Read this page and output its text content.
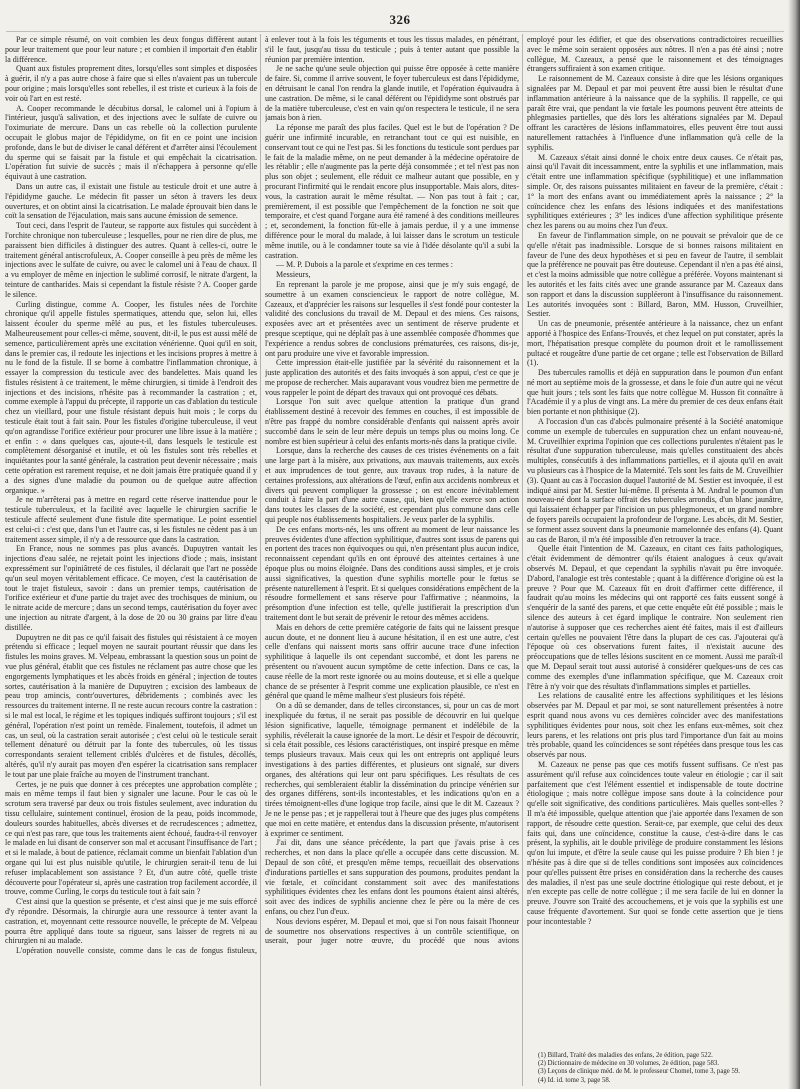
326

Par ce simple résumé, on voit combien les deux fongus diffèrent autant pour leur traitement que pour leur nature ; et combien il importait d'en établir la différence.

Quant aux fistules proprement dites, lorsqu'elles sont simples et disposées à guérir, il n'y a pas autre chose à faire que si elles n'avaient pas un tubercule pour origine ; mais lorsqu'elles sont rebelles, il est triste et curieux à la fois de voir où l'art en est resté.

A. Cooper recommande le décubitus dorsal, le calomel uni à l'opium à l'intérieur, jusqu'à salivation, et des injections avec le sulfate de cuivre ou l'oximuriate de mercure. Dans un cas rebelle où la collection purulente occupait le globus major de l'épididyme, on fit en ce point une incision profonde, dans le but de diviser le canal déférent et d'arrêter ainsi l'écoulement du sperme qui se faisait par la fistule et qui empêchait la cicatrisation. L'opération fut suivie de succès ; mais il n'échappera à personne qu'elle équivaut à une castration.

Dans un autre cas, il existait une fistule au testicule droit et une autre à l'épididyme gauche. Le médecin fit passer un séton à travers les deux ouvertures, et on obtint ainsi la cicatrisation. Le malade éprouvait bien dans le coït la sensation de l'éjaculation, mais sans aucune émission de semence.

Tout ceci, dans l'esprit de l'auteur, se rapporte aux fistules qui succèdent à l'orchite chronique non tuberculeuse ; lesquelles, pour ne rien dire de plus, me paraissent bien difficiles à distinguer des autres. Quant à celles-ci, outre le traitement général antiscrofuleux, A. Cooper conseille à peu près de même les injections avec le sulfate de cuivre, ou avec le calomel uni à l'eau de chaux. Il a vu employer de même en injection le sublimé corrosif, le nitrate d'argent, la teinture de cantharides. Mais si cependant la fistule résiste ? A. Cooper garde le silence.

Curling distingue, comme A. Cooper, les fistules nées de l'orchite chronique qu'il appelle fistules spermatiques, attendu que, selon lui, elles laissent écouler du sperme mêlé au pus, et les fistules tuberculeuses. Malheureusement pour celles-ci même, souvent, dit-il, le pus est aussi mêlé de semence, particulièrement après une excitation vénérienne. Quoi qu'il en soit, dans le premier cas, il redoute les injections et les incisions propres à mettre à nu le fond de la fistule. Il se borne à combattre l'inflammation chronique, à essayer la compression du testicule avec des bandelettes. Mais quand les fistules résistent à ce traitement, le même chirurgien, si timide à l'endroit des injections et des incisions, n'hésite pas à recommander la castration ; et, comme exemple à l'appui du précepte, il rapporte un cas d'ablation du testicule chez un vieillard, pour une fistule résistant depuis huit mois ; le corps du testicule était tout à fait sain. Pour les fistules d'origine tuberculeuse, il veut qu'on agrandisse l'orifice extérieur pour procurer une libre issue à la matière ; et enfin : « dans quelques cas, ajoute-t-il, dans lesquels le testicule est complètement désorganisé et inutile, et où les fistules sont très rebelles et inquiétantes pour la santé générale, la castration peut devenir nécessaire ; mais cette opération est rarement requise, et ne doit jamais être pratiquée quand il y a des signes d'une maladie du poumon ou de quelque autre affection organique. »

Je ne m'arrêterai pas à mettre en regard cette réserve inattendue pour le testicule tuberculeux, et la facilité avec laquelle le chirurgien sacrifie le testicule affecté seulement d'une fistule dite spermatique. Le point essentiel est celui-ci : c'est que, dans l'un et l'autre cas, si les fistules ne cèdent pas à un traitement assez simple, il n'y a de ressource que dans la castration.

En France, nous ne sommes pas plus avancés. Dupuytren vantait les injections d'eau salée, ne rejetait point les injections d'iode ; mais, insistant expressément sur l'opiniâtreté de ces fistules, il déclarait que l'art ne possède qu'un seul moyen véritablement efficace. Ce moyen, c'est la cautérisation de tout le trajet fistuleux, savoir : dans un premier temps, cautérisation de l'orifice extérieur et d'une partie du trajet avec des trochisques de minium, ou le nitrate acide de mercure ; dans un second temps, cautérisation du foyer avec une injection au nitrate d'argent, à la dose de 20 ou 30 grains par litre d'eau distillée.

Dupuytren ne dit pas ce qu'il faisait des fistules qui résistaient à ce moyen prétendu si efficace ; lequel moyen ne saurait pourtant réussir que dans les fistules les moins graves. M. Velpeau, embrassant la question sous un point de vue plus général, établit que ces fistules ne réclament pas autre chose que les engorgements lymphatiques et les abcès froids en général ; injection de toutes sortes, cautérisation à la manière de Dupuytren ; excision des lambeaux de peau trop amincis, contr'ouvertures, débridements ; combinés avec les ressources du traitement interne. Il ne reste aucun recours contre la castration : si le mal est local, le régime et les topiques indiqués suffiront toujours ; s'il est général, l'opération n'est point un remède. Finalement, toutefois, il admet un cas, un seul, où la castration serait autorisée ; c'est celui où le testicule serait tellement dénaturé ou détruit par la fonte des tubercules, où les tissus correspondants seraient tellement criblés d'ulcères et de fistules, décollés, altérés, qu'il n'y aurait pas moyen d'en espérer la cicatrisation sans remplacer le tout par une plaie fraîche au moyen de l'instrument tranchant.

Certes, je ne puis que donner à ces préceptes une approbation complète ; mais en même temps il faut bien y signaler une lacune. Pour le cas où le scrotum sera traversé par deux ou trois fistules seulement, avec induration du tissu cellulaire, suintement continuel, érosion de la peau, poids incommode, douleurs sourdes habituelles, abcès diverses et de recrudescences ; admettez, ce qui n'est pas rare, que tous les traitements aient échoué, faudra-t-il renvoyer le malade en lui disant de conserver son mal et accusant l'insuffisance de l'art ; et si le malade, à bout de patience, réclamait comme un bienfait l'ablation d'un organe qui lui est plus nuisible qu'utile, le chirurgien serait-il tenu de lui refuser implacablement son assistance ? Et, d'un autre côté, quelle triste découverte pour l'opérateur si, après une castration trop facilement accordée, il trouve, comme Curling, le corps du testicule tout à fait sain ?

C'est ainsi que la question se présente, et c'est ainsi que je me suis efforcé d'y répondre. Désormais, la chirurgie aura une ressource à tenter avant la castration, et, moyennant cette ressource nouvelle, le précepte de M. Velpeau pourra être appliqué dans toute sa rigueur, sans laisser de regrets ni au chirurgien ni au malade.

L'opération nouvelle consiste, comme dans le cas de fongus fistuleux,

à enlever tout à la fois les téguments et tous les tissus malades, en pénétrant, s'il le faut, jusqu'au tissu du testicule ; puis à tenter autant que possible la réunion par première intention.

Je ne sache qu'une seule objection qui puisse être opposée à cette manière de faire. Si, comme il arrive souvent, le foyer tuberculeux est dans l'épididyme, en détruisant le canal l'on rendra la glande inutile, et l'opération équivaudra à une castration. De même, si le canal déférent ou l'épididyme sont obstrués par de la matière tuberculeuse, c'est en vain qu'on respectera le testicule, il ne sera jamais bon à rien.

La réponse me paraît des plus faciles. Quel est le but de l'opération ? De guérir une infirmité incurable, en retranchant tout ce qui est nuisible, en conservant tout ce qui ne l'est pas. Si les fonctions du testicule sont perdues par le fait de la maladie même, on ne peut demander à la médecine opératoire de les rétablir ; elle n'augmente pas la perte déjà consommée ; et tel n'est pas non plus son objet ; seulement, elle réduit ce malheur autant que possible, en y procurant l'infirmité qui le rendait encore plus insupportable. Mais alors, dites-vous, la castration aurait le même résultat. — Non pas tout à fait ; car, premièrement, il est possible que l'empêchement de la fonction ne soit que temporaire, et c'est quand l'organe aura été ramené à des conditions meilleures ; et, secondement, la fonction fût-elle à jamais perdue, il y a une immense différence pour le moral du malade, à lui laisser dans le scrotum un testicule même inutile, ou à le condamner toute sa vie à l'idée désolante qu'il a subi la castration.

— M. P. Dubois a la parole et s'exprime en ces termes :

Messieurs,

En reprenant la parole je me propose, ainsi que je m'y suis engagé, de soumettre à un examen consciencieux le rapport de notre collègue, M. Cazeaux, et d'apprécier les raisons sur lesquelles il s'est fondé pour contester la validité des conclusions du travail de M. Depaul et des miens. Ces raisons, exposées avec art et présentées avec un sentiment de réserve prudente et presque sceptique, qui ne déplaît pas à une assemblée composée d'hommes que l'expérience a rendus sobres de conclusions prématurées, ces raisons, dis-je, ont paru produire une vive et favorable impression.

Cette impression était-elle justifiée par la sévérité du raisonnement et la juste application des autorités et des faits invoqués à son appui, c'est ce que je me propose de rechercher. Mais auparavant vous voudrez bien me permettre de vous rappeler le point de départ des travaux qui ont provoqué ces débats.

Lorsque l'on suit avec quelque attention la pratique d'un grand établissement destiné à recevoir des femmes en couches, il est impossible de n'être pas frappé du nombre considérable d'enfants qui naissent après avoir succombé dans le sein de leur mère depuis un temps plus ou moins long. Ce nombre est bien supérieur à celui des enfants morts-nés dans la pratique civile.

Lorsque, dans la recherche des causes de ces tristes événements on a fait une large part à la misère, aux privations, aux mauvais traitements, aux excès et aux imprudences de tout genre, aux travaux trop rudes, à la nature de certaines professions, aux altérations de l'œuf, enfin aux accidents nombreux et divers qui peuvent compliquer la grossesse ; on est encore inévitablement conduit à faire la part d'une autre cause, qui, bien qu'elle exerce son action dans toutes les classes de la société, est cependant plus commune dans celle qui peuple nos établissements hospitaliers. Je veux parler de la syphilis.

De ces enfans morts-nés, les uns offrent au moment de leur naissance les preuves évidentes d'une affection syphilitique, d'autres sont issus de parens qui en portent des traces non équivoques ou qui, n'en présentant plus aucun indice, reconnaissent cependant qu'ils en ont éprouvé des atteintes certaines à une époque plus ou moins éloignée. Dans des conditions aussi simples, et je crois aussi significatives, la question d'une syphilis mortelle pour le fœtus se présente naturellement à l'esprit. Et si quelques considérations empêchent de la résoudre formellement et sans réserve pour l'affirmative ; néanmoins, la présomption d'une infection est telle, qu'elle justifierait la prescription d'un traitement dont le but serait de prévenir le retour des mêmes accidens.

Mais en dehors de cette première catégorie de faits qui ne laissent presque aucun doute, et ne donnent lieu à aucune hésitation, il en est une autre, c'est celle d'enfans qui naissent morts sans offrir aucune trace d'une infection syphilitique à laquelle ils ont cependant succombé, et dont les parens ne présentent ou n'avouent aucun symptôme de cette infection. Dans ce cas, la cause réelle de la mort reste ignorée ou au moins douteuse, et si elle a quelque chance de se présenter à l'esprit comme une explication plausible, ce n'est en général que quand le même malheur s'est plusieurs fois répété.

On a dû se demander, dans de telles circonstances, si, pour un cas de mort inexpliquée du fœtus, il ne serait pas possible de découvrir en lui quelque lésion significative, laquelle, témoignage permanent et indélébile de la syphilis, révélerait la cause ignorée de la mort. Le désir et l'espoir de découvrir, si cela était possible, ces lésions caractéristiques, ont inspiré presque en même temps plusieurs travaux. Mais ceux qui les ont entrepris ont appliqué leurs investigations à des parties différentes, et plusieurs ont signalé, sur divers organes, des altérations qui leur ont paru spécifiques. Les résultats de ces recherches, qui sembleraient établir la dissémination du principe vénérien sur des organes différens, sont-ils incontestables, et les indications qu'on en a tirées témoignent-elles d'une logique trop facile, ainsi que le dit M. Cazeaux ? Je ne le pense pas ; et je rappellerai tout à l'heure que des juges plus compétens que moi en cette matière, et entendus dans la discussion présente, m'autorisent à exprimer ce sentiment.

J'ai dit, dans une séance précédente, la part que j'avais prise à ces recherches, et non dans la place qu'elle a occupée dans cette discussion. M. Depaul de son côté, et presqu'en même temps, recueillait des observations d'indurations partielles et sans suppuration des poumons, produites pendant la vie fœtale, et coïncidant constamment soit avec des manifestations syphilitiques évidentes chez les enfans dont les poumons étaient ainsi altérés, soit avec des indices de syphilis ancienne chez le père ou la mère de ces enfans, ou chez l'un d'eux.

Nous devions espérer, M. Depaul et moi, que si l'on nous faisait l'honneur de soumettre nos observations respectives à un contrôle scientifique, on userait, pour juger notre œuvre, du procédé que nous avions

employé pour les édifier, et que des observations contradictoires recueillies avec le même soin seraient opposées aux nôtres. Il n'en a pas été ainsi ; notre collègue, M. Cazeaux, a pensé que le raisonnement et des témoignages étrangers suffiraient à son examen critique.

Le raisonnement de M. Cazeaux consiste à dire que les lésions organiques signalées par M. Depaul et par moi peuvent être aussi bien le résultat d'une inflammation antérieure à la naissance que de la syphilis. Il rappelle, ce qui paraît être vrai, que pendant la vie fœtale les poumons peuvent être atteints de phlegmasies partielles, que dès lors les altérations signalées par M. Depaul offrant les caractères de lésions inflammatoires, elles peuvent être tout aussi naturellement rattachées à l'influence d'une inflammation qu'à celle de la syphilis.

M. Cazeaux s'était ainsi donné le choix entre deux causes. Ce n'était pas, ainsi qu'il l'avait dit incessamment, entre la syphilis et une inflammation, mais c'était entre une inflammation spécifique (syphilitique) et une inflammation simple. Or, des raisons puissantes militaient en faveur de la première, c'était : 1° la mort des enfans avant ou immédiatement après la naissance ; 2° la coïncidence chez les enfans des lésions indiquées et des manifestations syphilitiques extérieures ; 3° les indices d'une affection syphilitique présente chez les parens ou au moins chez l'un d'eux.

En faveur de l'inflammation simple, on ne pouvait se prévaloir que de ce qu'elle n'était pas inadmissible. Lorsque de si bonnes raisons militaient en faveur de l'une des deux hypothèses et si peu en faveur de l'autre, il semblait que la préférence ne pouvait pas être douteuse. Cependant il n'en a pas été ainsi, et c'est la moins admissible que notre collègue a préférée. Voyons maintenant si les autorités et les faits cités avec une grande assurance par M. Cazeaux dans son rapport et dans la discussion suppléeront à l'insuffisance du raisonnement. Les autorités invoquées sont : Billard, Baron, MM. Husson, Cruveilhier, Sestier.

Un cas de pneumonie, présentée antérieure à la naissance, chez un enfant apporté à l'hospice des Enfans-Trouvés, et chez lequel on put constater, après la mort, l'hépatisation presque complète du poumon droit et le ramollissement pultacé et rougeâtre d'une partie de cet organe ; telle est l'observation de Billard (1).

Des tubercules ramollis et déjà en suppuration dans le poumon d'un enfant né mort au septième mois de la grossesse, et dans le foie d'un autre qui ne vécut que huit jours ; tels sont les faits que notre collègue M. Husson fit connaître à l'Académie il y a plus de vingt ans. La mère du premier de ces deux enfans était bien portante et non phthisique (2).

A l'occasion d'un cas d'abcès pulmonaire présenté à la Société anatomique comme un exemple de tubercules en suppuration chez un enfant nouveau-né, M. Cruveilhier exprima l'opinion que ces collections purulentes n'étaient pas le résultat d'une suppuration tuberculeuse, mais qu'elles constituaient des abcès multiples, consécutifs à des inflammations partielles, et il ajouta qu'il en avait vu plusieurs cas à l'hospice de la Maternité. Tels sont les faits de M. Cruveilhier (3). Quant au cas à l'occasion duquel l'autorité de M. Sestier est invoquée, il est indiqué ainsi par M. Sestier lui-même. Il présenta à M. Andral le poumon d'un nouveau-né dont la surface offrait des tubercules arrondis, d'un blanc jaunâtre, qui laissaient échapper par l'incision un pus phlegmoneux, et un grand nombre de foyers pareils occupaient la profondeur de l'organe. Les abcès, dit M. Sestier, se forment assez souvent dans la pneumonie mamelonnée des enfans (4). Quant au cas de Baron, il m'a été impossible d'en retrouver la trace.

Quelle était l'intention de M. Cazeaux, en citant ces faits pathologiques, c'était évidemment de démontrer qu'ils étaient analogues à ceux qu'avait observés M. Depaul, et que cependant la syphilis n'avait pu être invoquée. D'abord, l'analogie est très contestable ; quant à la différence d'origine où est la preuve ? Pour que M. Cazeaux fût en droit d'affirmer cette différence, il faudrait qu'au moins les médecins qui ont rapporté ces faits eussent songé à s'enquérir de la santé des parens, et que cette enquête eût été possible ; mais le silence des auteurs à cet égard implique le contraire. Non seulement rien n'autorise à supposer que ces recherches aient été faites, mais il est d'ailleurs certain qu'elles ne pouvaient l'être dans la plupart de ces cas. J'ajouterai qu'à l'époque où ces observations furent faites, il n'existait aucune des préoccupations que de telles lésions suscitent en ce moment. Aussi me paraît-il que M. Depaul serait tout aussi autorisé à considérer quelques-uns de ces cas comme des exemples d'une inflammation spécifique, que M. Cazeaux croit l'être à n'y voir que des résultats d'inflammations simples et partielles.

Les relations de causalité entre les affections syphilitiques et les lésions observées par M. Depaul et par moi, se sont naturellement présentées à notre esprit quand nous avons vu ces dernières coïncider avec des manifestations syphilitiques évidentes pour nous, soit chez les enfans eux-mêmes, soit chez leurs parens, et les relations ont pris plus tard l'importance d'un fait au moins très probable, quand les coïncidences se sont répétées dans presque tous les cas observés par nous.

M. Cazeaux ne pense pas que ces motifs fussent suffisans. Ce n'est pas assurément qu'il refuse aux coïncidences toute valeur en étiologie ; car il sait parfaitement que c'est l'élément essentiel et indispensable de toute doctrine étiologique ; mais notre collègue impose sans doute à la coïncidence pour qu'elle soit significative, des conditions particulières. Mais quelles sont-elles ? Il m'a été impossible, quelque attention que j'aie apportée dans l'examen de son rapport, de résoudre cette question. Serait-ce, par exemple, que celui des deux faits qui, dans une coïncidence, constitue la cause, c'est-à-dire dans le cas présent, la syphilis, ait le double privilège de produire constamment les lésions qu'on lui impute, et d'être la seule cause qui les puisse produire ? Eh bien ! je n'hésite pas à dire que si de telles conditions sont imposées aux coïncidences pour qu'elles puissent être prises en considération dans la recherche des causes des maladies, il n'est pas une seule doctrine étiologique qui reste debout, et je n'en excepte pas celle de notre collègue ; il me sera facile de lui en donner la preuve. J'ouvre son Traité des accouchemens, et je vois que la syphilis est une cause fréquente d'avortement. Sur quoi se fonde cette assertion que je tiens pour incontestable ?

(1) Billard, Traité des maladies des enfans, 2e édition, page 522.

(2) Dictionnaire de médecine en 30 volumes, 2e édition, page 583.

(3) Leçons de clinique méd. de M. le professeur Chomel, tome 3, page 59.

(4) Id. id. tome 3, page 58.
